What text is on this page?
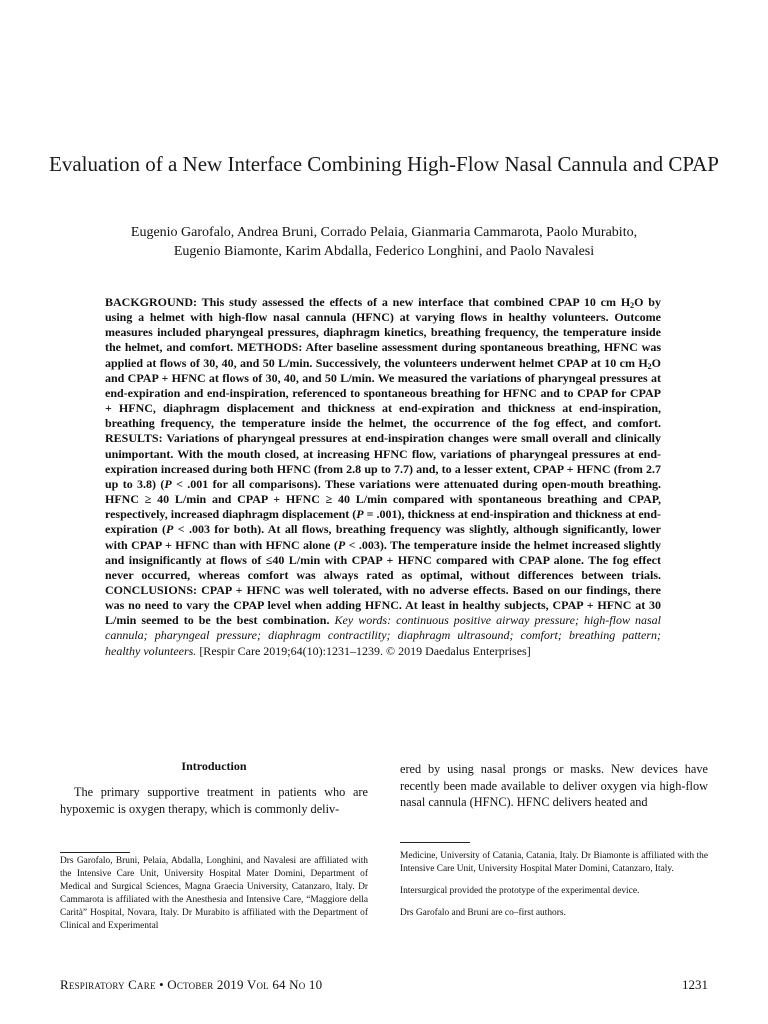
Evaluation of a New Interface Combining High-Flow Nasal Cannula and CPAP
Eugenio Garofalo, Andrea Bruni, Corrado Pelaia, Gianmaria Cammarota, Paolo Murabito,
Eugenio Biamonte, Karim Abdalla, Federico Longhini, and Paolo Navalesi
BACKGROUND: This study assessed the effects of a new interface that combined CPAP 10 cm $H_2O$ by using a helmet with high-flow nasal cannula (HFNC) at varying flows in healthy volunteers. Outcome measures included pharyngeal pressures, diaphragm kinetics, breathing frequency, the temperature inside the helmet, and comfort. METHODS: After baseline assessment during spontaneous breathing, HFNC was applied at flows of 30, 40, and 50 L/min. Successively, the volunteers underwent helmet CPAP at 10 cm $H_2O$ and CPAP + HFNC at flows of 30, 40, and 50 L/min. We measured the variations of pharyngeal pressures at end-expiration and end-inspiration, referenced to spontaneous breathing for HFNC and to CPAP for CPAP + HFNC, diaphragm displacement and thickness at end-expiration and thickness at end-inspiration, breathing frequency, the temperature inside the helmet, the occurrence of the fog effect, and comfort. RESULTS: Variations of pharyngeal pressures at end-inspiration changes were small overall and clinically unimportant. With the mouth closed, at increasing HFNC flow, variations of pharyngeal pressures at end-expiration increased during both HFNC (from 2.8 up to 7.7) and, to a lesser extent, CPAP + HFNC (from 2.7 up to 3.8) (P < .001 for all comparisons). These variations were attenuated during open-mouth breathing. HFNC ≥ 40 L/min and CPAP + HFNC ≥ 40 L/min compared with spontaneous breathing and CPAP, respectively, increased diaphragm displacement (P = .001), thickness at end-inspiration and thickness at end-expiration (P < .003 for both). At all flows, breathing frequency was slightly, although significantly, lower with CPAP + HFNC than with HFNC alone (P < .003). The temperature inside the helmet increased slightly and insignificantly at flows of ≤40 L/min with CPAP + HFNC compared with CPAP alone. The fog effect never occurred, whereas comfort was always rated as optimal, without differences between trials. CONCLUSIONS: CPAP + HFNC was well tolerated, with no adverse effects. Based on our findings, there was no need to vary the CPAP level when adding HFNC. At least in healthy subjects, CPAP + HFNC at 30 L/min seemed to be the best combination. Key words: continuous positive airway pressure; high-flow nasal cannula; pharyngeal pressure; diaphragm contractility; diaphragm ultrasound; comfort; breathing pattern; healthy volunteers. [Respir Care 2019;64(10):1231–1239. © 2019 Daedalus Enterprises]
Introduction

The primary supportive treatment in patients who are hypoxemic is oxygen therapy, which is commonly deliv-

ered by using nasal prongs or masks. New devices have recently been made available to deliver oxygen via high-flow nasal cannula (HFNC). HFNC delivers heated and

Drs Garofalo, Bruni, Pelaia, Abdalla, Longhini, and Navalesi are affiliated with the Intensive Care Unit, University Hospital Mater Domini, Department of Medical and Surgical Sciences, Magna Graecia University, Catanzaro, Italy. Dr Cammarota is affiliated with the Anesthesia and Intensive Care, “Maggiore della Carità” Hospital, Novara, Italy. Dr Murabito is affiliated with the Department of Clinical and Experimental

Medicine, University of Catania, Catania, Italy. Dr Biamonte is affiliated with the Intensive Care Unit, University Hospital Mater Domini, Catanzaro, Italy.

Intersurgical provided the prototype of the experimental device.

Drs Garofalo and Bruni are co–first authors.

Respiratory Care • October 2019 Vol 64 No 10	1231
